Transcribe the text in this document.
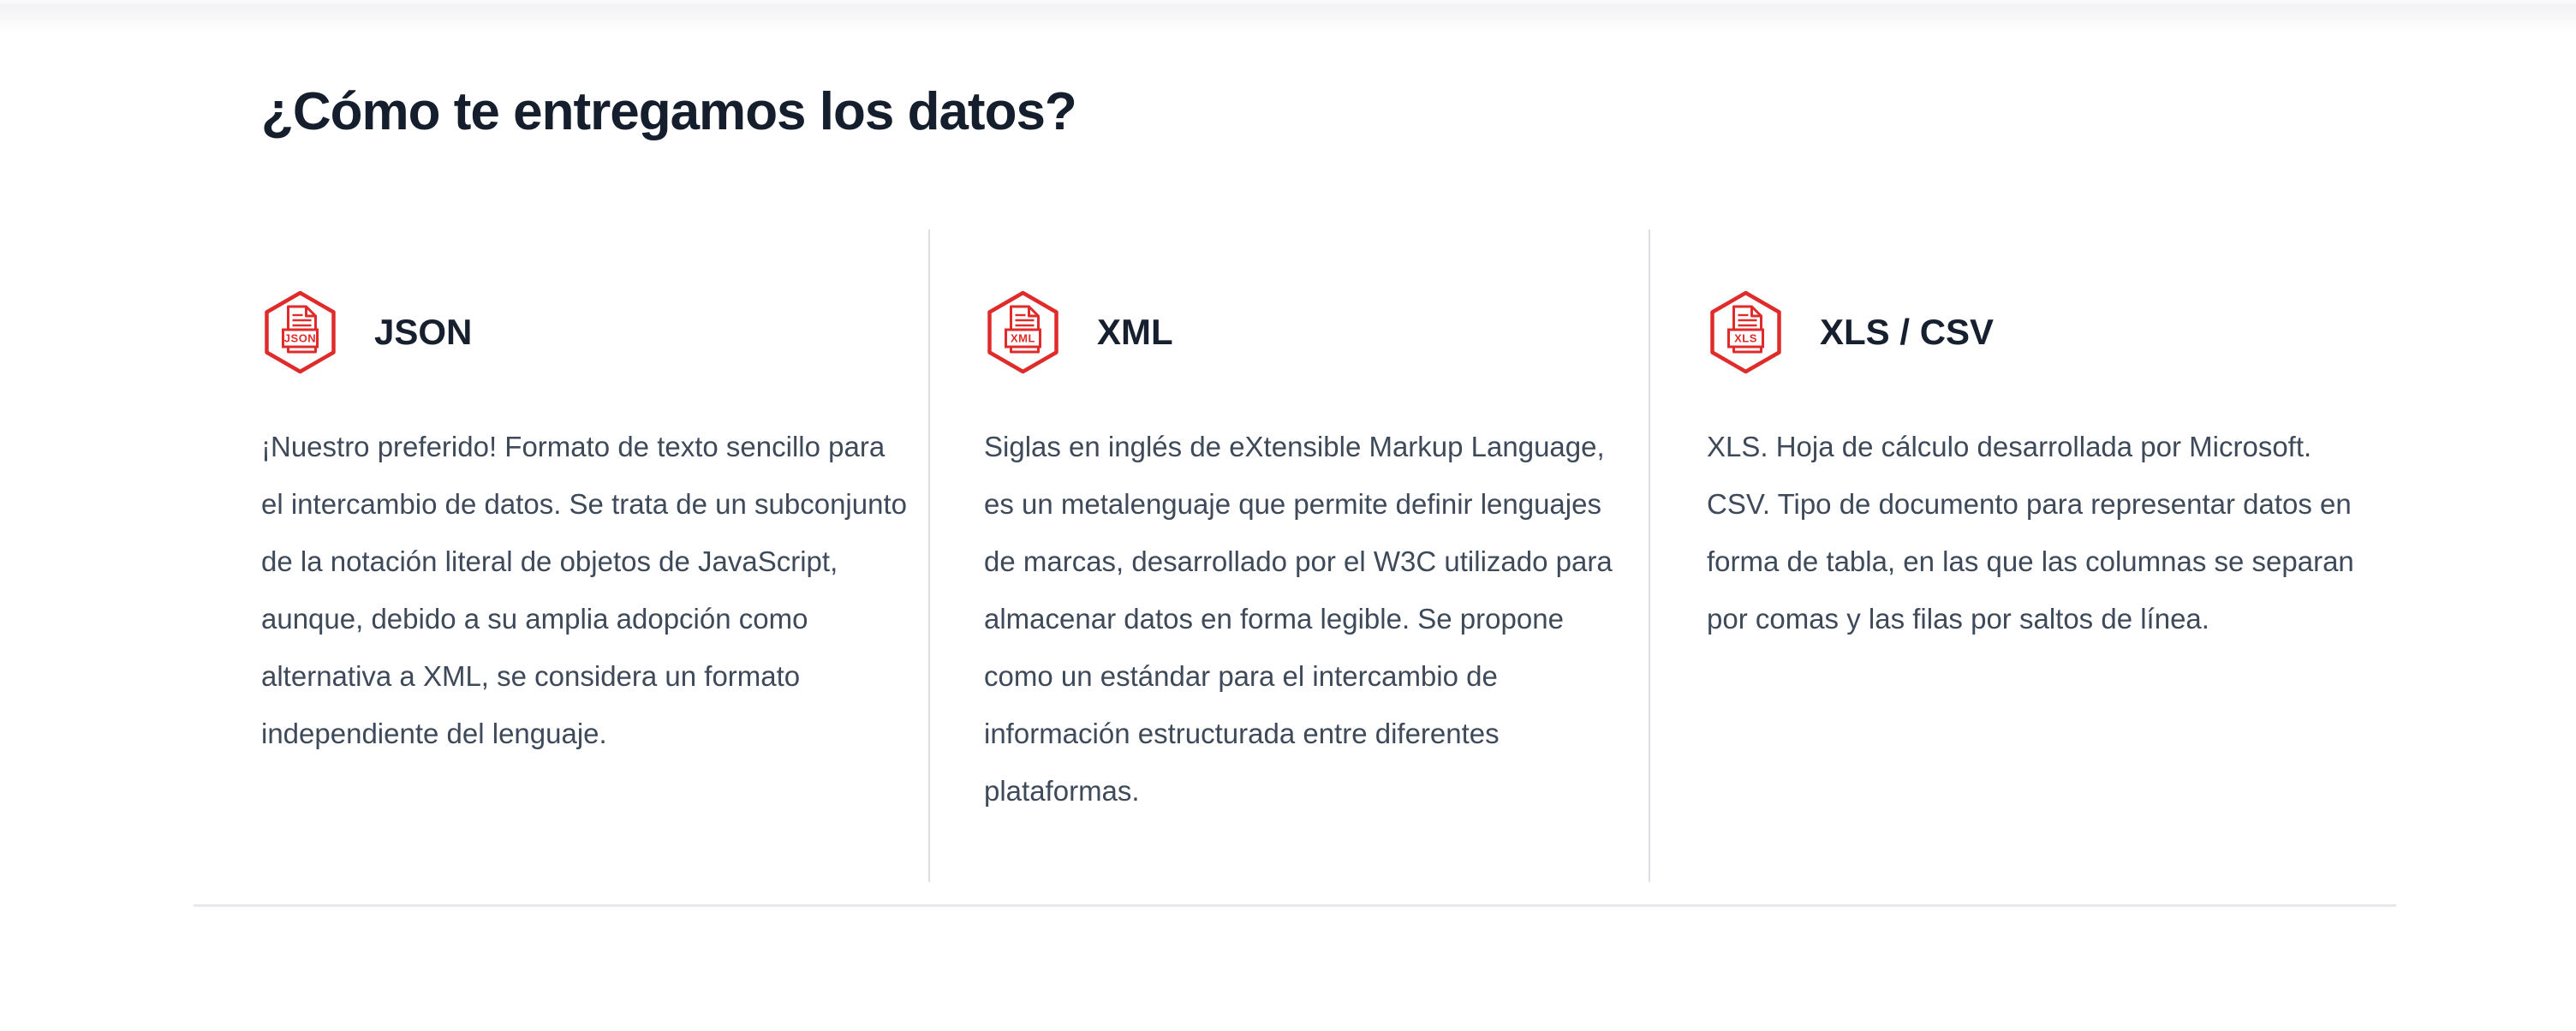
¿Cómo te entregamos los datos?
JSON JSON

¡Nuestro preferido! Formato de texto sencillo para el intercambio de datos. Se trata de un subconjunto de la notación literal de objetos de JavaScript, aunque, debido a su amplia adopción como alternativa a XML, se considera un formato independiente del lenguaje.

XML XML

Siglas en inglés de eXtensible Markup Language, es un metalenguaje que permite definir lenguajes de marcas, desarrollado por el W3C utilizado para almacenar datos en forma legible. Se propone como un estándar para el intercambio de información estructurada entre diferentes plataformas.

XLS XLS / CSV

XLS. Hoja de cálculo desarrollada por Microsoft. CSV. Tipo de documento para representar datos en forma de tabla, en las que las columnas se separan por comas y las filas por saltos de línea.
